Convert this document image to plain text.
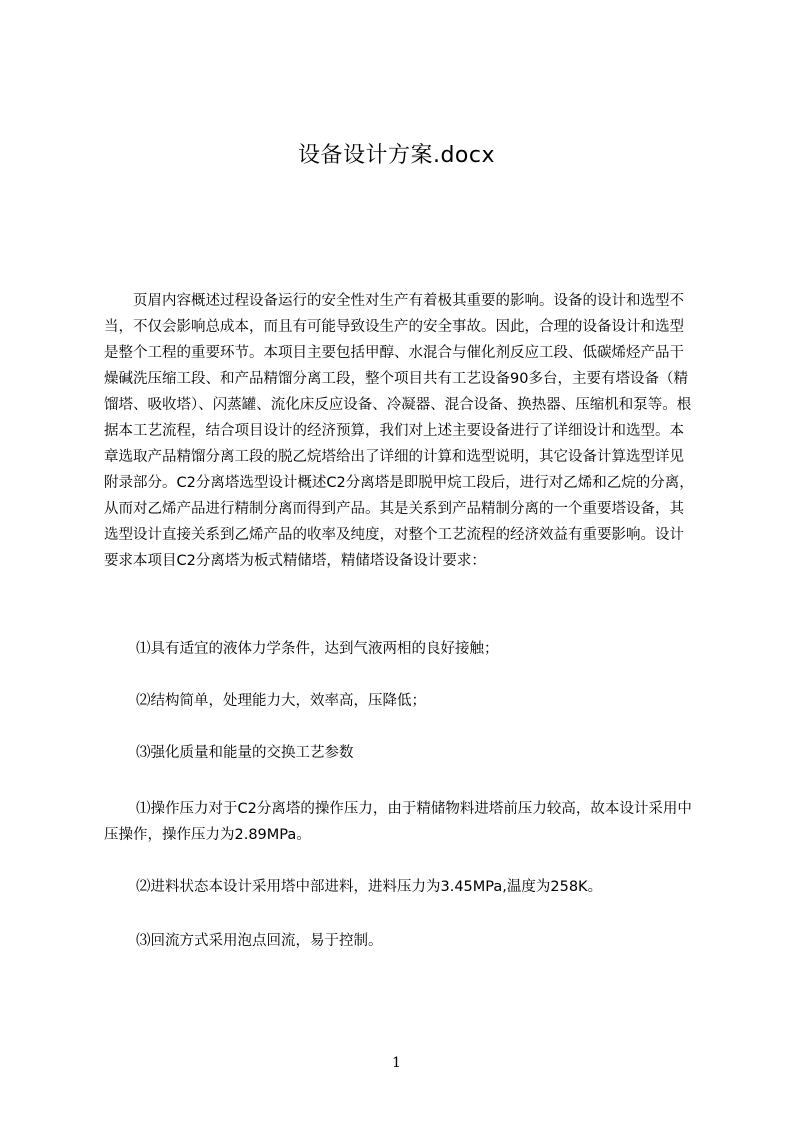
设备设计方案.docx
页眉内容概述过程设备运行的安全性对生产有着极其重要的影响。设备的设计和选型不当，不仅会影响总成本，而且有可能导致设生产的安全事故。因此，合理的设备设计和选型是整个工程的重要环节。本项目主要包括甲醇、水混合与催化剂反应工段、低碳烯烃产品干燥碱洗压缩工段、和产品精馏分离工段，整个项目共有工艺设备90多台，主要有塔设备（精馏塔、吸收塔）、闪蒸罐、流化床反应设备、冷凝器、混合设备、换热器、压缩机和泵等。根据本工艺流程，结合项目设计的经济预算，我们对上述主要设备进行了详细设计和选型。本章选取产品精馏分离工段的脱乙烷塔给出了详细的计算和选型说明，其它设备计算选型详见附录部分。C2分离塔选型设计概述C2分离塔是即脱甲烷工段后，进行对乙烯和乙烷的分离，从而对乙烯产品进行精制分离而得到产品。其是关系到产品精制分离的一个重要塔设备，其选型设计直接关系到乙烯产品的收率及纯度，对整个工艺流程的经济效益有重要影响。设计要求本项目C2分离塔为板式精储塔，精储塔设备设计要求：
⑴具有适宜的液体力学条件，达到气液两相的良好接触；
⑵结构简单，处理能力大，效率高，压降低；
⑶强化质量和能量的交换工艺参数
⑴操作压力对于C2分离塔的操作压力，由于精储物料进塔前压力较高，故本设计采用中压操作，操作压力为2.89MPa。
⑵进料状态本设计采用塔中部进料，进料压力为3.45MPa,温度为258K。
⑶回流方式采用泡点回流，易于控制。
1
